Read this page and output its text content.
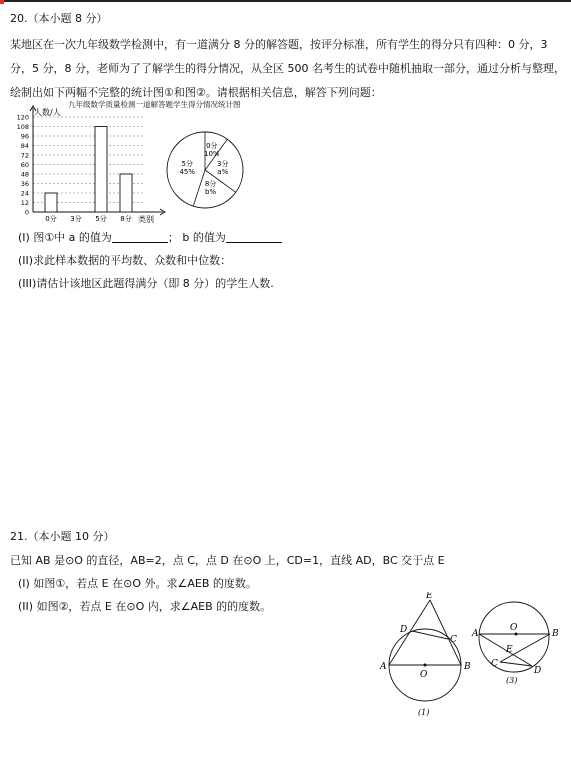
20.（本小题 8 分）
某地区在一次九年级数学检测中，有一道满分 8 分的解答题，按评分标准，所有学生的得分只有四种：0 分，3
分，5 分，8 分，老师为了了解学生的得分情况，从全区 500 名考生的试卷中随机抽取一部分，通过分析与整理，
绘制出如下两幅不完整的统计图①和图②。请根据相关信息，解答下列问题：
人数/人
0
12
24
36
48
60
72
84
96
108
120
0分 3分 5分 8分 类别
九年级数学质量检测一道解答题学生得分情况统计图
0分
10%
3分
a%
5分
45%
8分
b%
(I) 图①中 a 的值为	； b 的值为
(II)求此样本数据的平均数、众数和中位数：
(III)请估计该地区此题得满分（即 8 分）的学生人数.
21.（本小题 10 分）
已知 AB 是⊙O 的直径，AB=2，点 C，点 D 在⊙O 上，CD=1，直线 AD，BC 交于点 E
(I) 如图①，若点 E 在⊙O 外。求∠AEB 的度数。
(II) 如图②，若点 E 在⊙O 内，求∠AEB 的的度数。
E
D
C
A	B
O
(1)
A	B
O
E
C
D
(3)
